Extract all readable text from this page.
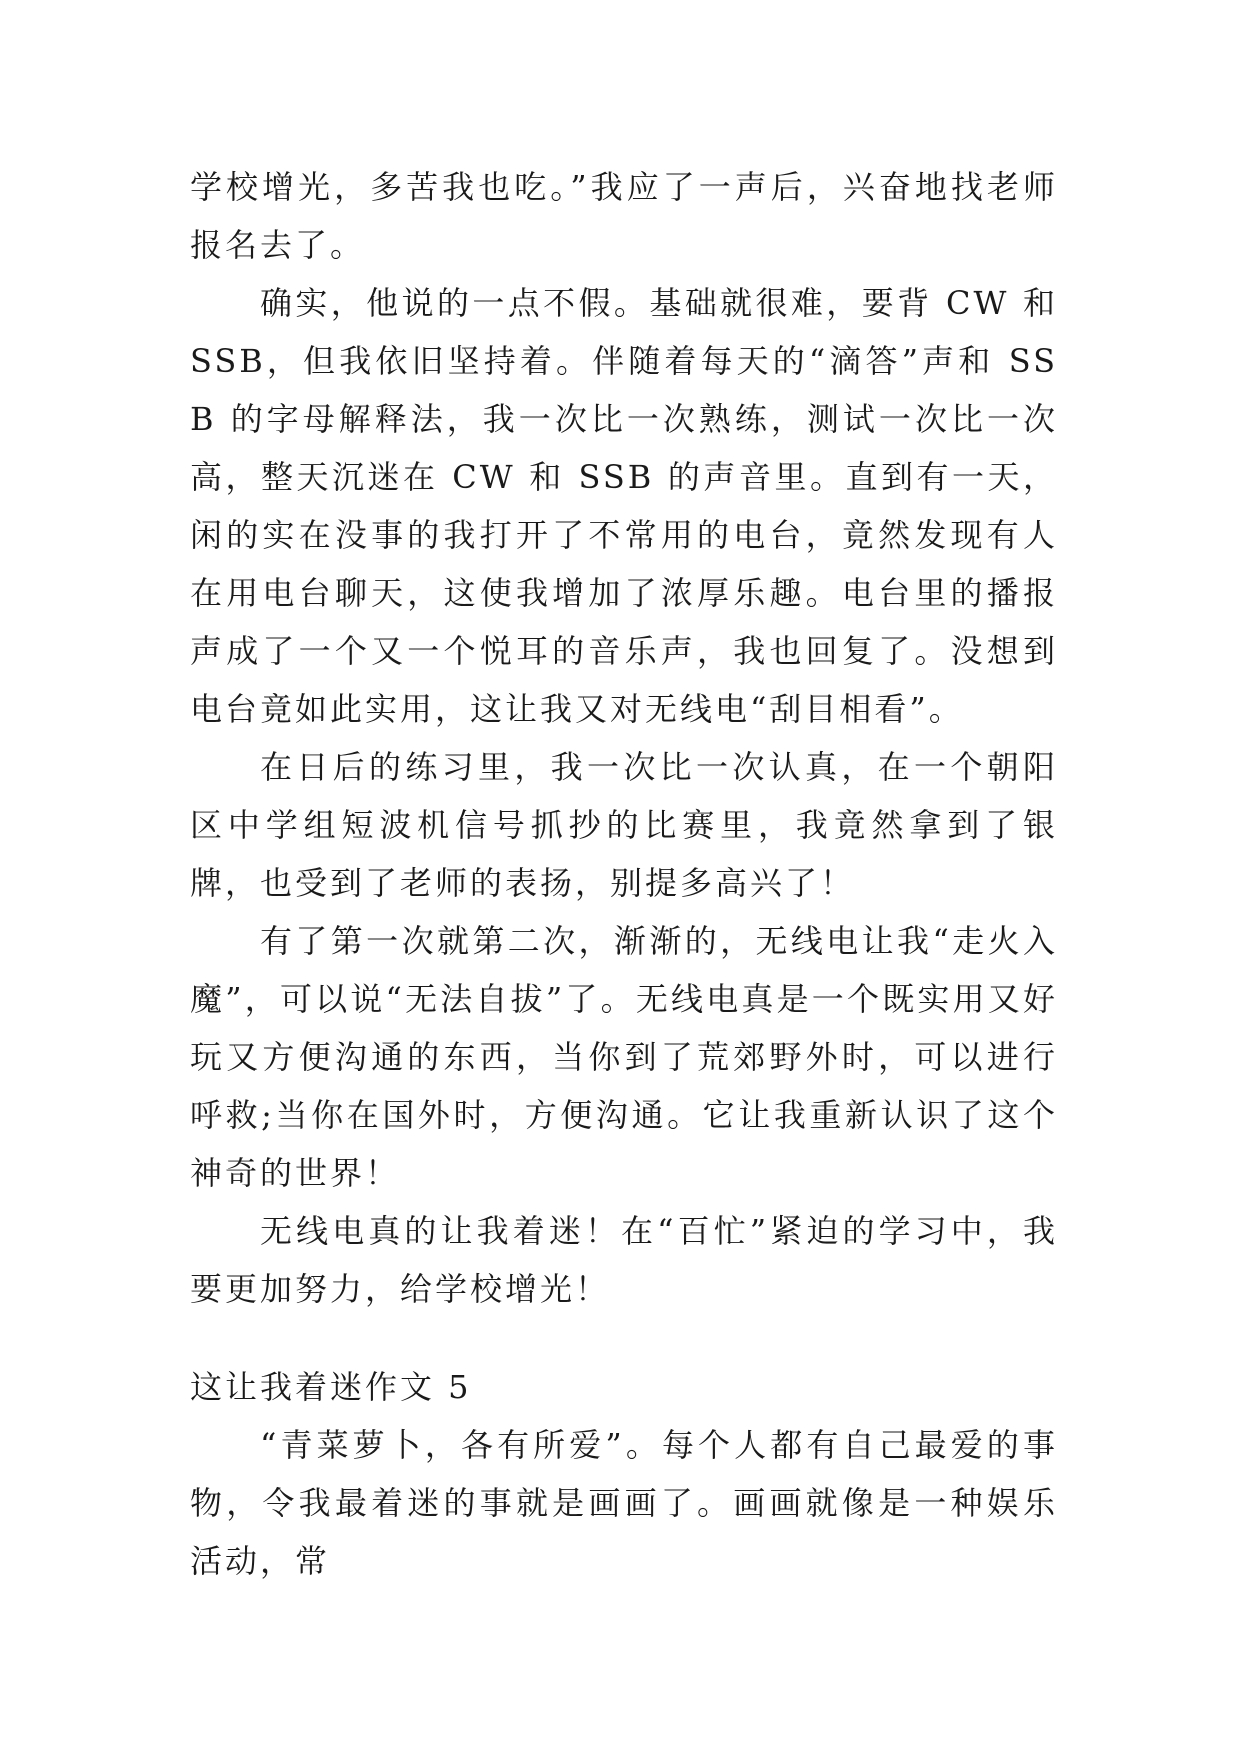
学校增光，多苦我也吃。”我应了一声后，兴奋地找老师报名去了。

确实，他说的一点不假。基础就很难，要背 CW 和 SSB，但我依旧坚持着。伴随着每天的“滴答”声和 SSB 的字母解释法，我一次比一次熟练，测试一次比一次高，整天沉迷在 CW 和 SSB 的声音里。直到有一天，闲的实在没事的我打开了不常用的电台，竟然发现有人在用电台聊天，这使我增加了浓厚乐趣。电台里的播报声成了一个又一个悦耳的音乐声，我也回复了。没想到电台竟如此实用，这让我又对无线电“刮目相看”。

在日后的练习里，我一次比一次认真，在一个朝阳区中学组短波机信号抓抄的比赛里，我竟然拿到了银牌，也受到了老师的表扬，别提多高兴了！

有了第一次就第二次，渐渐的，无线电让我“走火入魔”，可以说“无法自拔”了。无线电真是一个既实用又好玩又方便沟通的东西，当你到了荒郊野外时，可以进行呼救;当你在国外时，方便沟通。它让我重新认识了这个神奇的世界！

无线电真的让我着迷！在“百忙”紧迫的学习中，我要更加努力，给学校增光！

这让我着迷作文 5

“青菜萝卜，各有所爱”。每个人都有自己最爱的事物，令我最着迷的事就是画画了。画画就像是一种娱乐活动，常
